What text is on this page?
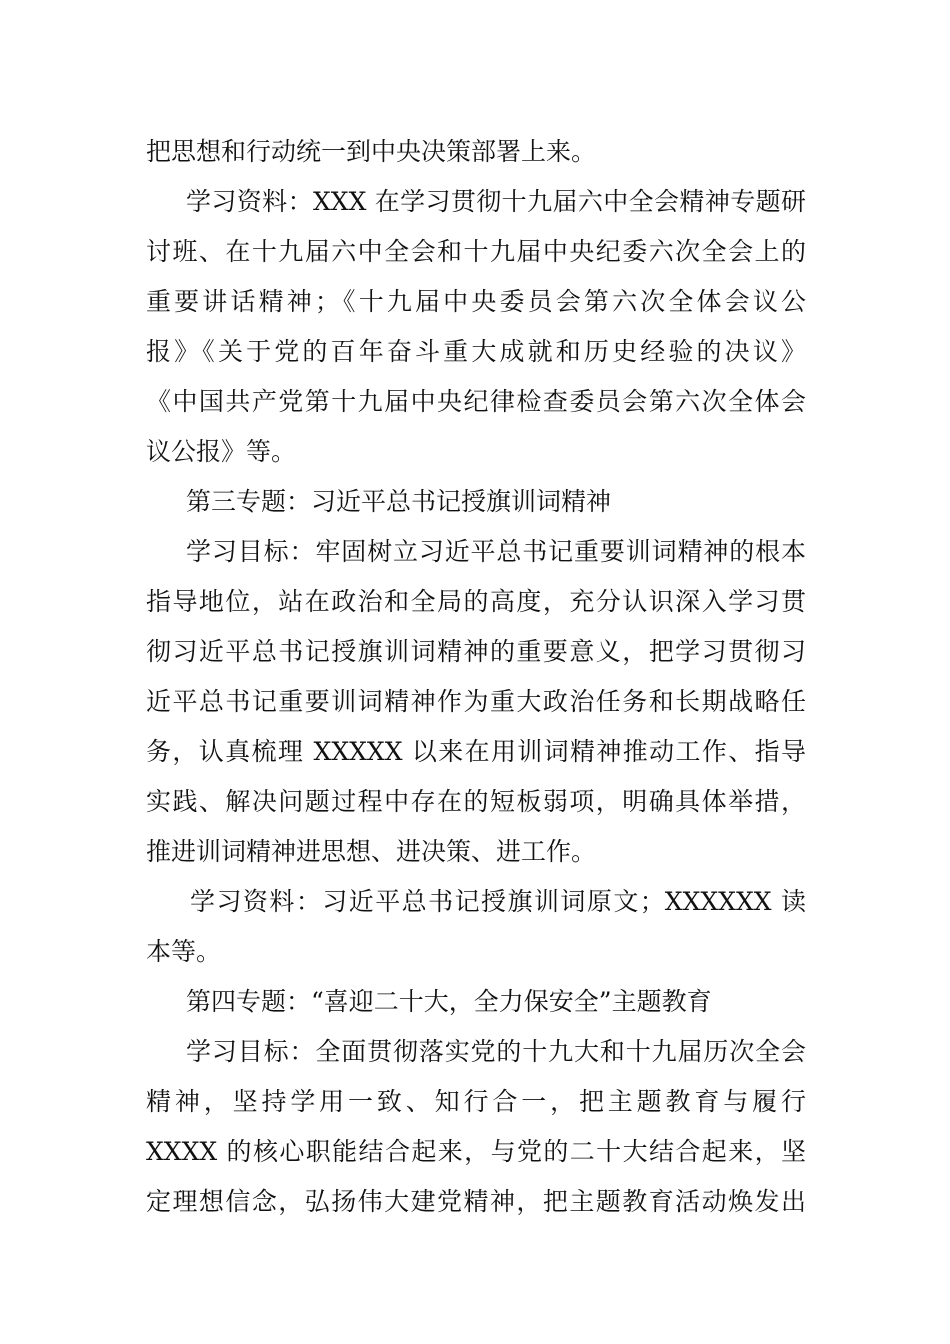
把思想和行动统一到中央决策部署上来。

学习资料：XXX 在学习贯彻十九届六中全会精神专题研

讨班、在十九届六中全会和十九届中央纪委六次全会上的

重要讲话精神；《十九届中央委员会第六次全体会议公

报》《关于党的百年奋斗重大成就和历史经验的决议》

《中国共产党第十九届中央纪律检查委员会第六次全体会

议公报》等。

第三专题：习近平总书记授旗训词精神

学习目标：牢固树立习近平总书记重要训词精神的根本

指导地位，站在政治和全局的高度，充分认识深入学习贯

彻习近平总书记授旗训词精神的重要意义，把学习贯彻习

近平总书记重要训词精神作为重大政治任务和长期战略任

务，认真梳理 XXXXX 以来在用训词精神推动工作、指导

实践、解决问题过程中存在的短板弱项，明确具体举措，

推进训词精神进思想、进决策、进工作。

学习资料：习近平总书记授旗训词原文；XXXXXX 读

本等。

第四专题：“喜迎二十大，全力保安全”主题教育

学习目标：全面贯彻落实党的十九大和十九届历次全会

精神，坚持学用一致、知行合一，把主题教育与履行

XXXX 的核心职能结合起来，与党的二十大结合起来，坚

定理想信念，弘扬伟大建党精神，把主题教育活动焕发出
